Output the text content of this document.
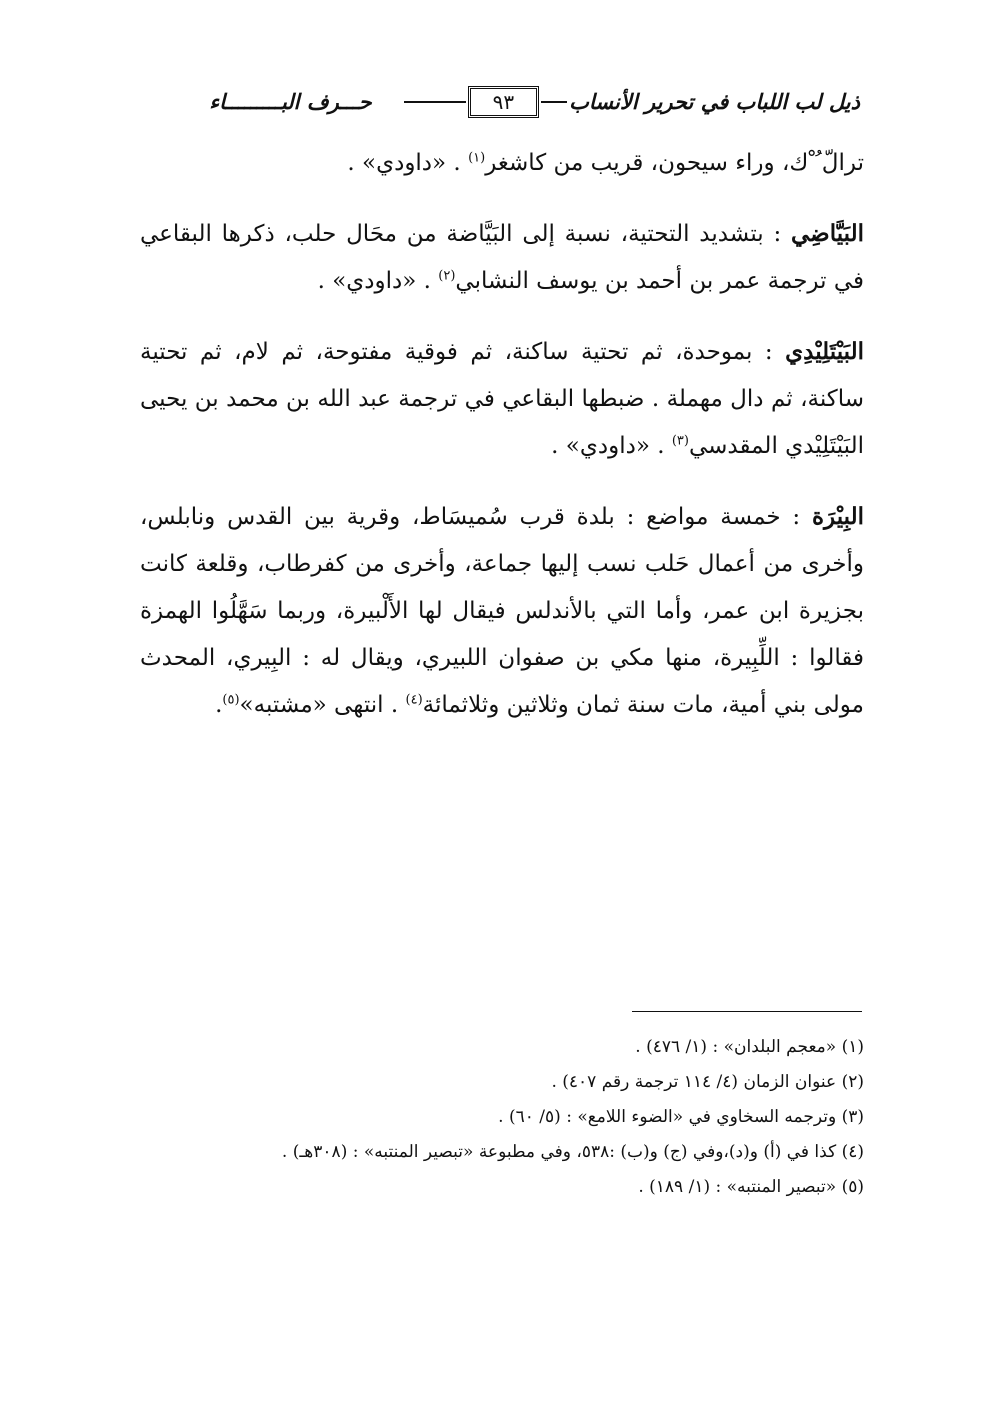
ذيل لب اللباب في تحرير الأنساب
٩٣
حـــرف البـــــــــاء

ترالّ ُ ْك، وراء سيحون، قريب من كاشغر$^{(١)}$ . «داودي» .

البَيَّاضِي : بتشديد التحتية، نسبة إلى البَيَّاضة من محَال حلب، ذكرها البقاعي في ترجمة عمر بن أحمد بن يوسف النشابي$^{(٢)}$ . «داودي» .

البَيْتَلِيْدِي : بموحدة، ثم تحتية ساكنة، ثم فوقية مفتوحة، ثم لام، ثم تحتية ساكنة، ثم دال مهملة . ضبطها البقاعي في ترجمة عبد الله بن محمد بن يحيى البَيْتَلِيْدي المقدسي$^{(٣)}$ . «داودي» .

البِيْرَة : خمسة مواضع : بلدة قرب سُميسَاط، وقرية بين القدس ونابلس، وأخرى من أعمال حَلب نسب إليها جماعة، وأخرى من كفرطاب، وقلعة كانت بجزيرة ابن عمر، وأما التي بالأندلس فيقال لها الأَلْبيرة، وربما سَهَّلُوا الهمزة فقالوا : اللِّبِيرة، منها مكي بن صفوان اللبيري، ويقال له : البِيري، المحدث مولى بني أمية، مات سنة ثمان وثلاثين وثلاثمائة$^{(٤)}$ . انتهى «مشتبه»$^{(٥)}$.

(١) «معجم البلدان» : (١/ ٤٧٦) .

(٢) عنوان الزمان (٤/ ١١٤ ترجمة رقم ٤٠٧) .

(٣) وترجمه السخاوي في «الضوء اللامع» : (٥/ ٦٠) .

(٤) كذا في (أ) و(د)،وفي (ج) و(ب) :٥٣٨، وفي مطبوعة «تبصير المنتبه» : (٣٠٨هـ) .

(٥) «تبصير المنتبه» : (١/ ١٨٩) .
